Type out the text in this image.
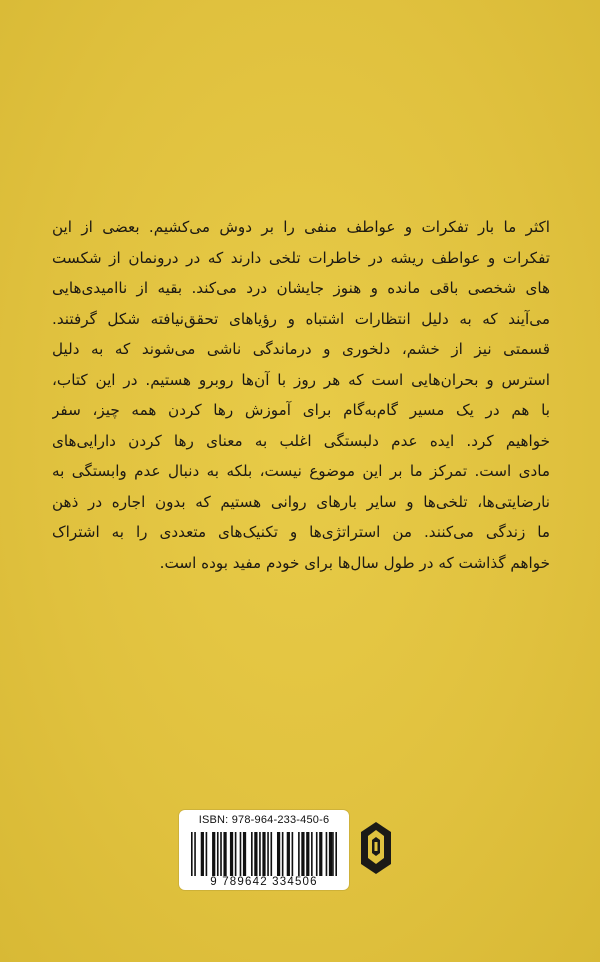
اکثر ما بار تفکرات و عواطف منفی را بر دوش می‌کشیم. بعضی از این
تفکرات و عواطف ریشه در خاطرات تلخی دارند که در درونمان از شکست
های شخصی باقی مانده و هنوز جایشان درد می‌کند. بقیه از ناامیدی‌هایی
می‌آیند که به دلیل انتظارات اشتباه و رؤیاهای تحقق‌نیافته شکل گرفتند.
قسمتی نیز از خشم، دلخوری و درماندگی ناشی می‌شوند که به دلیل
استرس و بحران‌هایی است که هر روز با آن‌ها روبرو هستیم. در این کتاب،
با هم در یک مسیر گام‌به‌گام برای آموزش رها کردن همه چیز، سفر
خواهیم کرد. ایده عدم دلبستگی اغلب به معنای رها کردن دارایی‌های
مادی است. تمرکز ما بر این موضوع نیست، بلکه به دنبال عدم وابستگی به
نارضایتی‌ها، تلخی‌ها و سایر بارهای روانی هستیم که بدون اجاره در ذهن
ما زندگی می‌کنند. من استراتژی‌ها و تکنیک‌های متعددی را به اشتراک
خواهم گذاشت که در طول سال‌ها برای خودم مفید بوده است.
ISBN: 978-964-233-450-6
9 789642 334506
